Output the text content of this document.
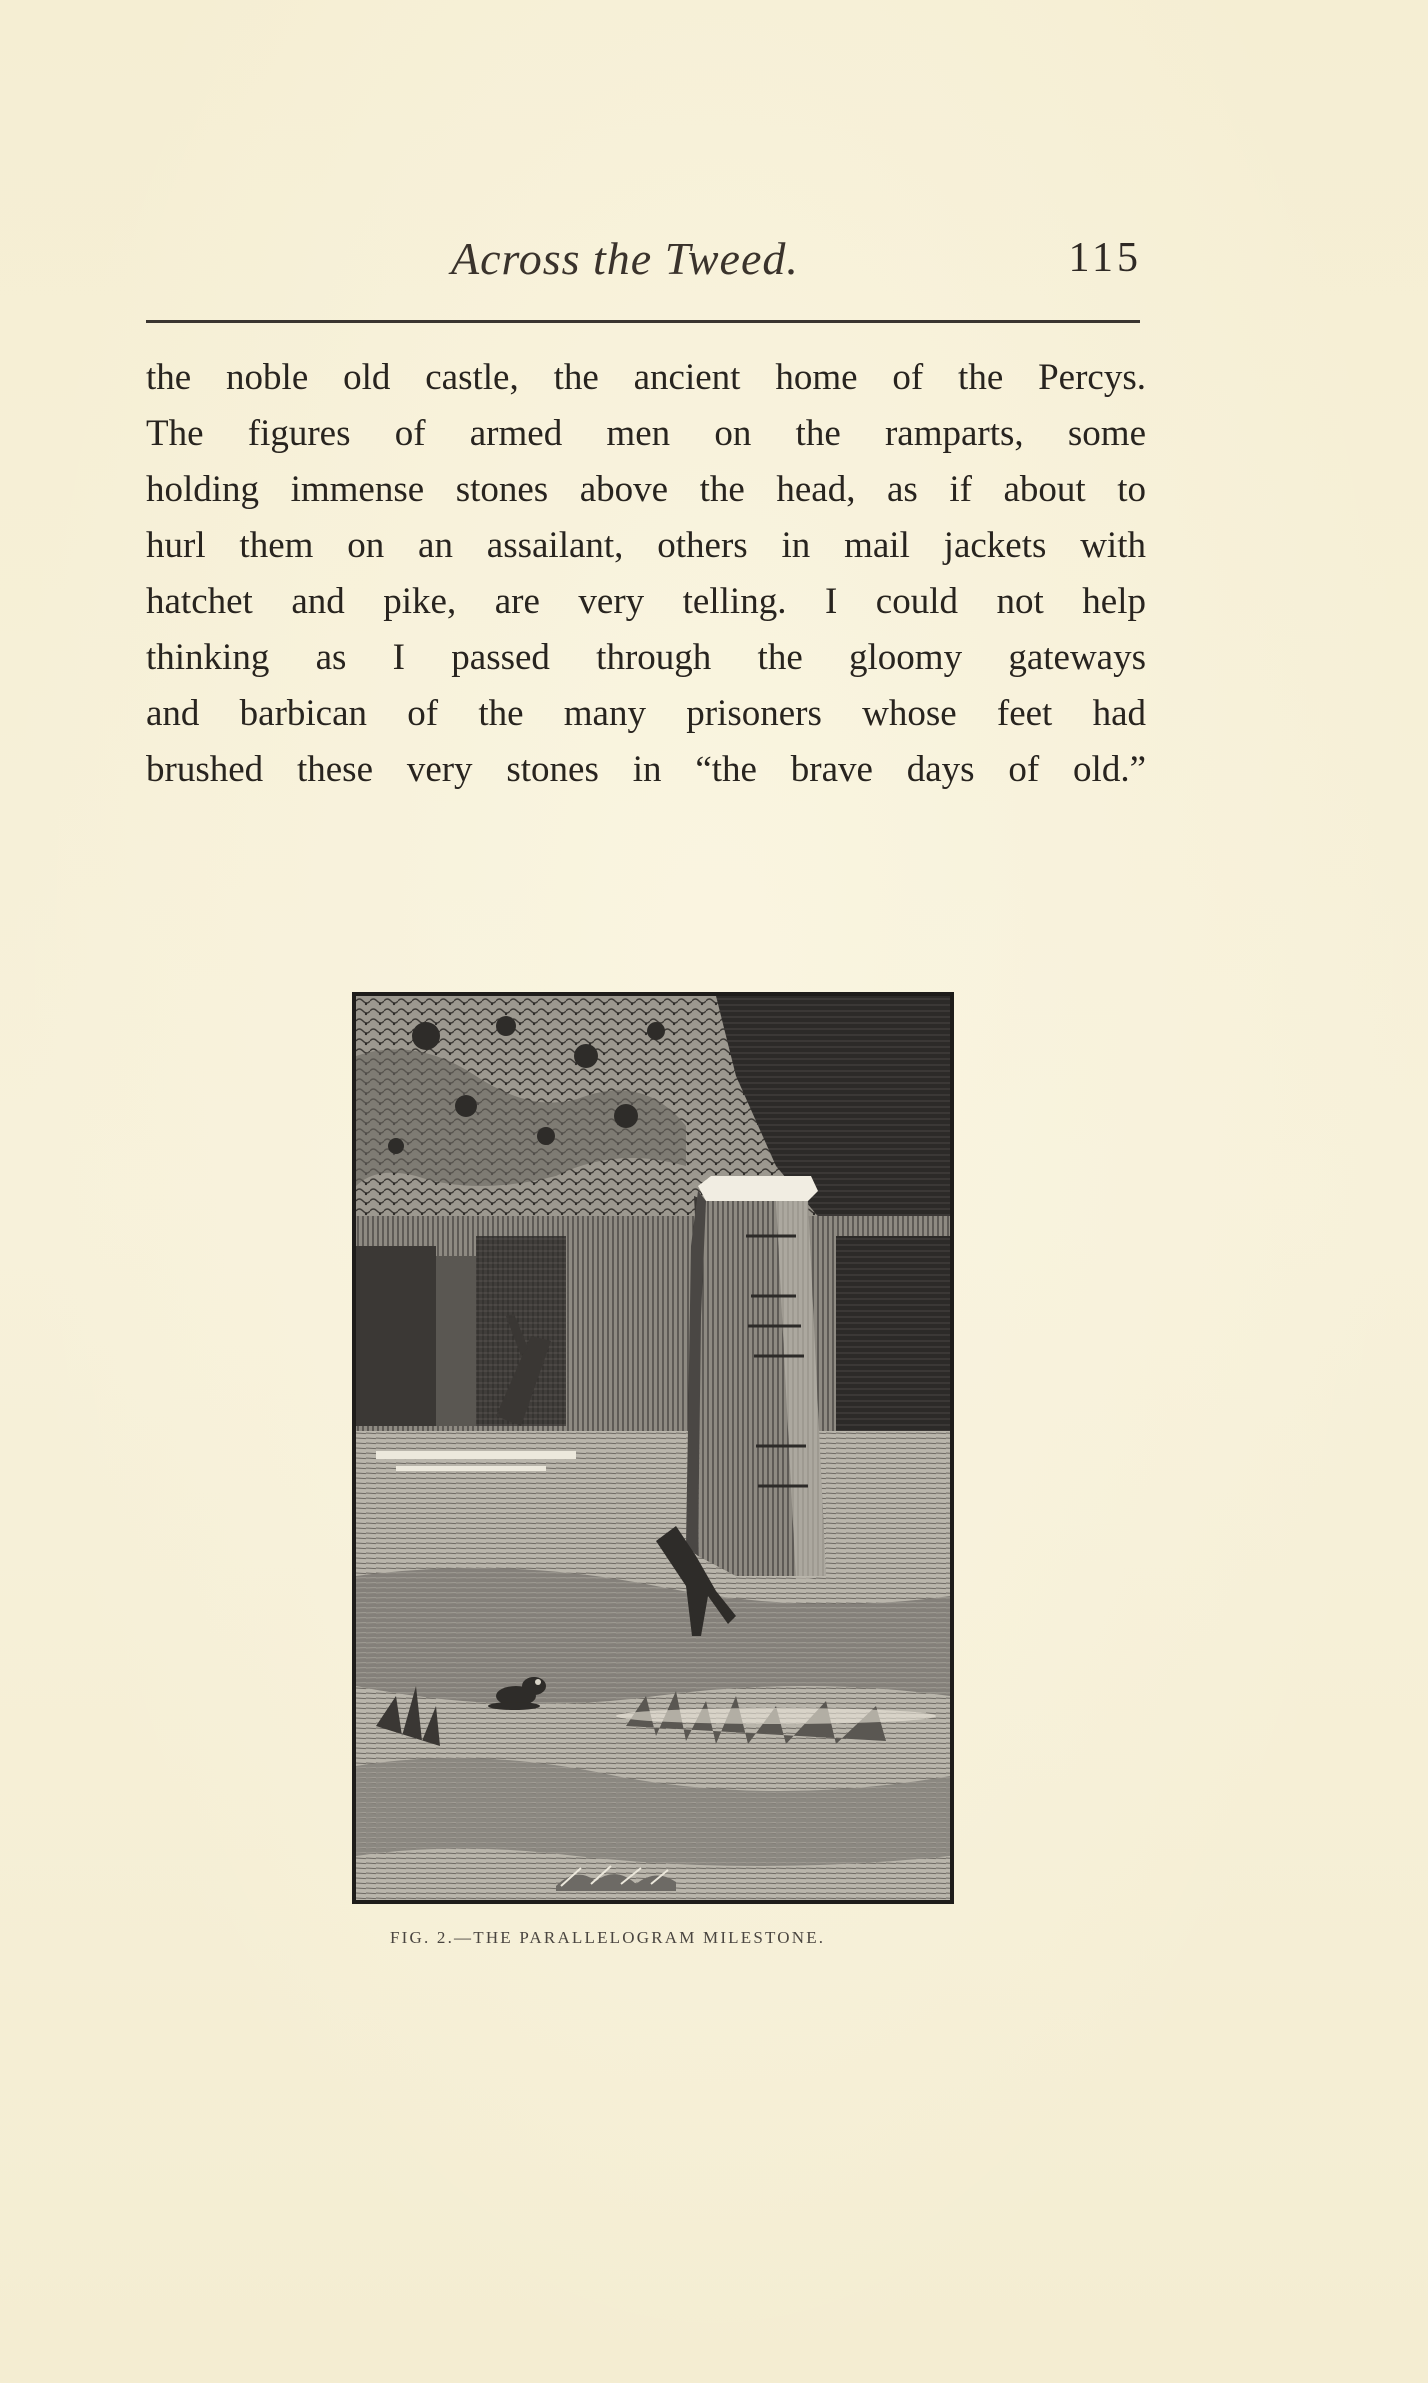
Across the Tweed.	115
the noble old castle, the ancient home of the Percys.
The figures of armed men on the ramparts, some
holding immense stones above the head, as if about to
hurl them on an assailant, others in mail jackets with
hatchet and pike, are very telling. I could not help
thinking as I passed through the gloomy gateways
and barbican of the many prisoners whose feet had
brushed these very stones in “the brave days of old.”
FIG. 2.—THE PARALLELOGRAM MILESTONE.
